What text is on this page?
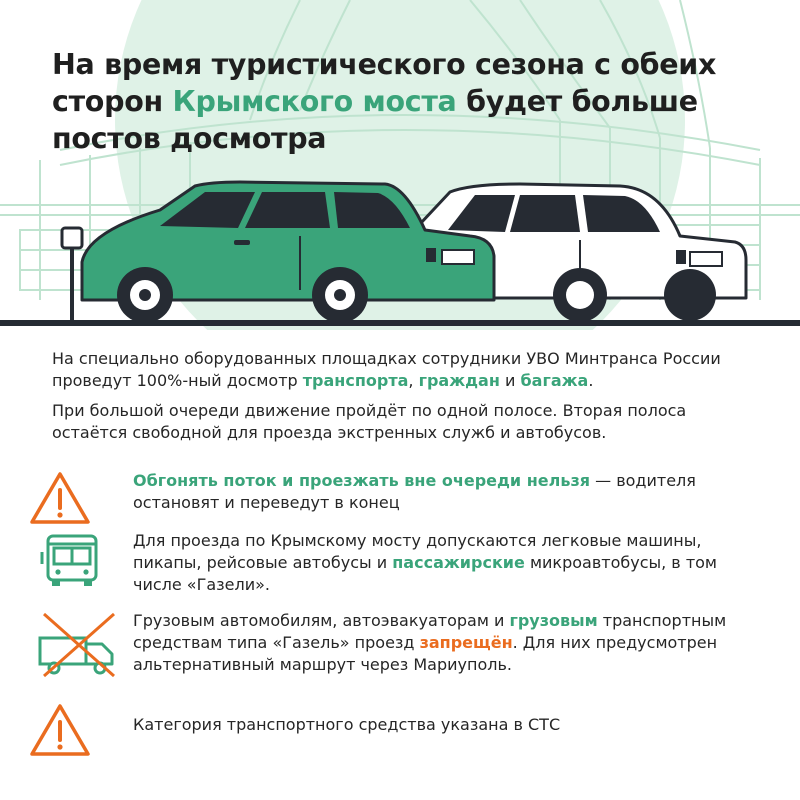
На время туристического сезона с обеих сторон Крымского моста будет больше постов досмотра

На специально оборудованных площадках сотрудники УВО Минтранса России проведут 100%-ный досмотр транспорта, граждан и багажа.

При большой очереди движение пройдёт по одной полосе. Вторая полоса остаётся свободной для проезда экстренных служб и автобусов.

Обгонять поток и проезжать вне очереди нельзя — водителя остановят и переведут в конец

Для проезда по Крымскому мосту допускаются легковые машины, пикапы, рейсовые автобусы и пассажирские микроавтобусы, в том числе «Газели».

Грузовым автомобилям, автоэвакуаторам и грузовым транспортным средствам типа «Газель» проезд запрещён. Для них предусмотрен альтернативный маршрут через Мариуполь.

Категория транспортного средства указана в СТС
